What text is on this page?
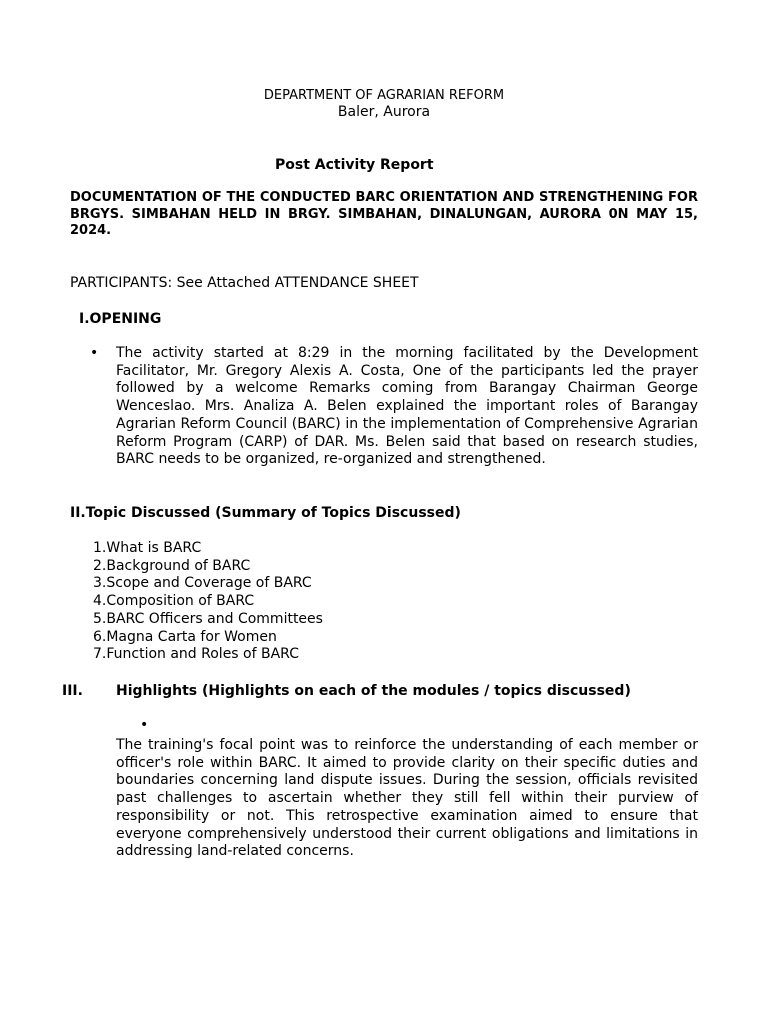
DEPARTMENT OF AGRARIAN REFORM
Baler, Aurora
Post Activity Report
DOCUMENTATION OF THE CONDUCTED BARC ORIENTATION AND STRENGTHENING FOR BRGYS. SIMBAHAN HELD IN BRGY. SIMBAHAN, DINALUNGAN, AURORA 0N MAY 15, 2024.
PARTICIPANTS: See Attached ATTENDANCE SHEET
I.OPENING
• The activity started at 8:29 in the morning facilitated by the Development Facilitator, Mr. Gregory Alexis A. Costa, One of the participants led the prayer followed by a welcome Remarks coming from Barangay Chairman George Wenceslao. Mrs. Analiza A. Belen explained the important roles of Barangay Agrarian Reform Council (BARC) in the implementation of Comprehensive Agrarian Reform Program (CARP) of DAR. Ms. Belen said that based on research studies, BARC needs to be organized, re-organized and strengthened.
II.Topic Discussed (Summary of Topics Discussed)
1.What is BARC
2.Background of BARC
3.Scope and Coverage of BARC
4.Composition of BARC
5.BARC Officers and Committees
6.Magna Carta for Women
7.Function and Roles of BARC
III. Highlights (Highlights on each of the modules / topics discussed)
•
The training's focal point was to reinforce the understanding of each member or officer's role within BARC. It aimed to provide clarity on their specific duties and boundaries concerning land dispute issues. During the session, officials revisited past challenges to ascertain whether they still fell within their purview of responsibility or not. This retrospective examination aimed to ensure that everyone comprehensively understood their current obligations and limitations in addressing land-related concerns.
